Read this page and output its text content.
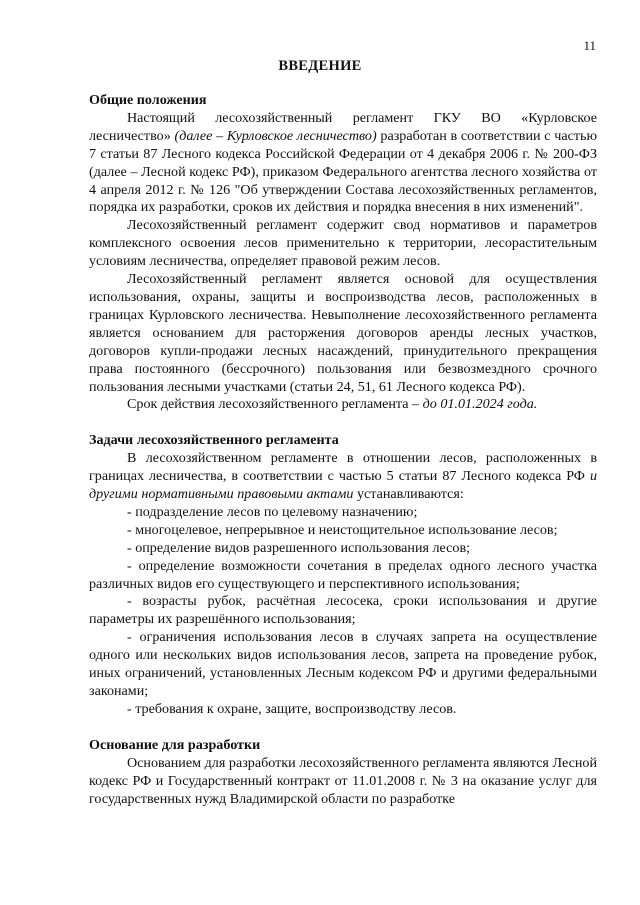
11
ВВЕДЕНИЕ
Общие положения

Настоящий лесохозяйственный регламент ГКУ ВО «Курловское лесничество» (далее – Курловское лесничество) разработан в соответствии с частью 7 статьи 87 Лесного кодекса Российской Федерации от 4 декабря 2006 г. № 200-ФЗ (далее – Лесной кодекс РФ), приказом Федерального агентства лесного хозяйства от 4 апреля 2012 г. № 126 "Об утверждении Состава лесохозяйственных регламентов, порядка их разработки, сроков их действия и порядка внесения в них изменений".

Лесохозяйственный регламент содержит свод нормативов и параметров комплексного освоения лесов применительно к территории, лесорастительным условиям лесничества, определяет правовой режим лесов.

Лесохозяйственный регламент является основой для осуществления использования, охраны, защиты и воспроизводства лесов, расположенных в границах Курловского лесничества. Невыполнение лесохозяйственного регламента является основанием для расторжения договоров аренды лесных участков, договоров купли-продажи лесных насаждений, принудительного прекращения права постоянного (бессрочного) пользования или безвозмездного срочного пользования лесными участками (статьи 24, 51, 61 Лесного кодекса РФ).

Срок действия лесохозяйственного регламента – до 01.01.2024 года.

Задачи лесохозяйственного регламента

В лесохозяйственном регламенте в отношении лесов, расположенных в границах лесничества, в соответствии с частью 5 статьи 87 Лесного кодекса РФ и другими нормативными правовыми актами устанавливаются:

- подразделение лесов по целевому назначению;

- многоцелевое, непрерывное и неистощительное использование лесов;

- определение видов разрешенного использования лесов;

- определение возможности сочетания в пределах одного лесного участка различных видов его существующего и перспективного использования;

- возрасты рубок, расчётная лесосека, сроки использования и другие параметры их разрешённого использования;

- ограничения использования лесов в случаях запрета на осуществление одного или нескольких видов использования лесов, запрета на проведение рубок, иных ограничений, установленных Лесным кодексом РФ и другими федеральными законами;

- требования к охране, защите, воспроизводству лесов.

Основание для разработки

Основанием для разработки лесохозяйственного регламента являются Лесной кодекс РФ и Государственный контракт от 11.01.2008 г. № 3 на оказание услуг для государственных нужд Владимирской области по разработке
